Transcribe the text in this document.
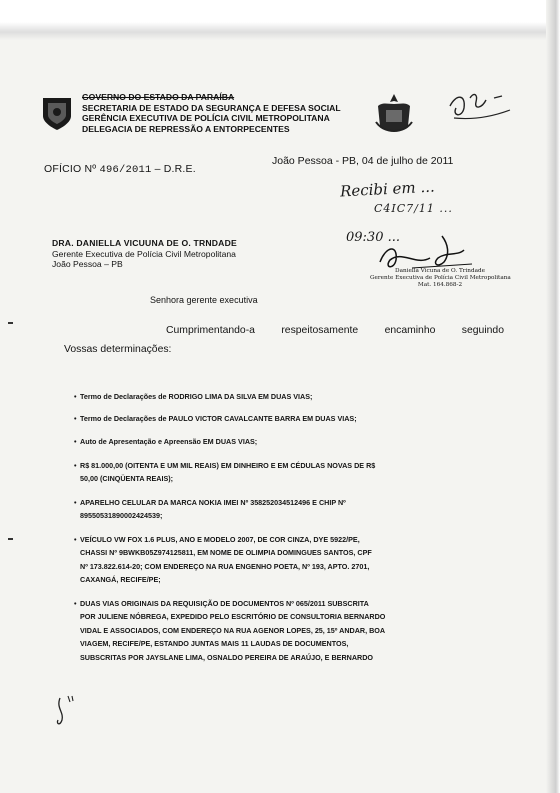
GOVERNO DO ESTADO DA PARAÍBA
SECRETARIA DE ESTADO DA SEGURANÇA E DEFESA SOCIAL
GERÊNCIA EXECUTIVA DE POLÍCIA CIVIL METROPOLITANA
DELEGACIA DE REPRESSÃO A ENTORPECENTES
OFÍCIO Nº 496/2011 – D.R.E.
João Pessoa - PB, 04 de julho de 2011
Recibi em ...
C4IC7/11 ...
09:30 ...
DRA. DANIELLA VICUUNA DE O. TRNDADE
Gerente Executiva de Polícia Civil Metropolitana
João Pessoa – PB
Daniella Vicuna de O. Trindade
Gerente Executiva de Polícia Civil Metropolitana
Mat. 164.868-2
Senhora gerente executiva
Cumprimentando-a	respeitosamente	encaminho	seguindo
Vossas determinações:
• Termo de Declarações de RODRIGO LIMA DA SILVA EM DUAS VIAS;
• Termo de Declarações de PAULO VICTOR CAVALCANTE BARRA EM DUAS VIAS;
• Auto de Apresentação e Apreensão EM DUAS VIAS;
• R$ 81.000,00 (OITENTA E UM MIL REAIS) EM DINHEIRO E EM CÉDULAS NOVAS DE R$
50,00 (CINQÜENTA REAIS);
• APARELHO CELULAR DA MARCA NOKIA IMEI Nº 358252034512496 E CHIP Nº
8955053189000242453​9;
• VEÍCULO VW FOX 1.6 PLUS, ANO E MODELO 2007, DE COR CINZA, DYE 5922/PE,
CHASSI Nº 9BWKB05Z974125811, EM NOME DE OLIMPIA DOMINGUES SANTOS, CPF
Nº 173.822.614-20; COM ENDEREÇO NA RUA ENGENHO POETA, Nº 193, APTO. 2701,
CAXANGÁ, RECIFE/PE;
• DUAS VIAS ORIGINAIS DA REQUISIÇÃO DE DOCUMENTOS Nº 065/2011 SUBSCRITA
POR JULIENE NÓBREGA, EXPEDIDO PELO ESCRITÓRIO DE CONSULTORIA BERNARDO
VIDAL E ASSOCIADOS, COM ENDEREÇO NA RUA AGENOR LOPES, 25, 15º ANDAR, BOA
VIAGEM, RECIFE/PE, ESTANDO JUNTAS MAIS 11 LAUDAS DE DOCUMENTOS,
SUBSCRITAS POR JAYSLANE LIMA, OSNALDO PEREIRA DE ARAÚJO, E BERNARDO
